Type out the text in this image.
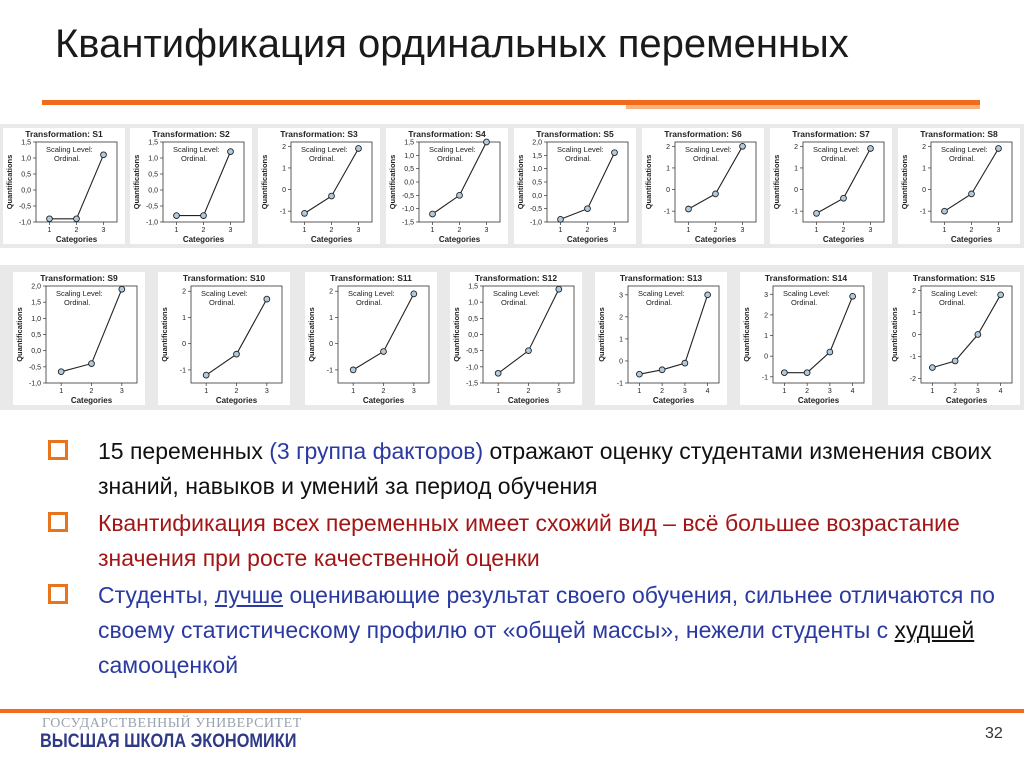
Квантификация ординальных переменных
Transformation: S1
1,5
1,0
0,5
0,0
-0,5
-1,0
1	2	3
Categories
Quantifications
Scaling Level:
Ordinal.
Transformation: S2
1,5
1,0
0,5
0,0
-0,5
-1,0
1	2	3
Categories
Quantifications
Scaling Level:
Ordinal.
Transformation: S3
2
1
0
-1
1	2	3
Categories
Quantifications
Scaling Level:
Ordinal.
Transformation: S4
1,5
1,0
0,5
0,0
-0,5
-1,0
-1,5
1	2	3
Categories
Quantifications
Scaling Level:
Ordinal.
Transformation: S5
2,0
1,5
1,0
0,5
0,0
-0,5
-1,0
1	2	3
Categories
Quantifications
Scaling Level:
Ordinal.
Transformation: S6
2
1
0
-1
1	2	3
Categories
Quantifications
Scaling Level:
Ordinal.
Transformation: S7
2
1
0
-1
1	2	3
Categories
Quantifications
Scaling Level:
Ordinal.
Transformation: S8
2
1
0
-1
1	2	3
Categories
Quantifications
Scaling Level:
Ordinal.
Transformation: S9
2,0
1,5
1,0
0,5
0,0
-0,5
-1,0
1	2	3
Categories
Quantifications
Scaling Level:
Ordinal.
Transformation: S10
2
1
0
-1
1	2	3
Categories
Quantifications
Scaling Level:
Ordinal.
Transformation: S11
2
1
0
-1
1	2	3
Categories
Quantifications
Scaling Level:
Ordinal.
Transformation: S12
1,5
1,0
0,5
0,0
-0,5
-1,0
-1,5
1	2	3
Categories
Quantifications
Scaling Level:
Ordinal.
Transformation: S13
3
2
1
0
-1
1	2	3	4
Categories
Quantifications
Scaling Level:
Ordinal.
Transformation: S14
3
2
1
0
-1
1	2	3	4
Categories
Quantifications
Scaling Level:
Ordinal.
Transformation: S15
2
1
0
-1
-2
1	2	3	4
Categories
Quantifications
Scaling Level:
Ordinal.
15 переменных (3 группа факторов) отражают оценку студентами изменения своих знаний, навыков и умений за период обучения
Квантификация всех переменных имеет схожий вид – всё большее возрастание значения при росте качественной оценки
Студенты, лучше оценивающие результат своего обучения, сильнее отличаются по своему статистическому профилю от «общей массы», нежели студенты с худшей самооценкой
ГОСУДАРСТВЕННЫЙ УНИВЕРСИТЕТ
ВЫСШАЯ ШКОЛА ЭКОНОМИКИ	32
